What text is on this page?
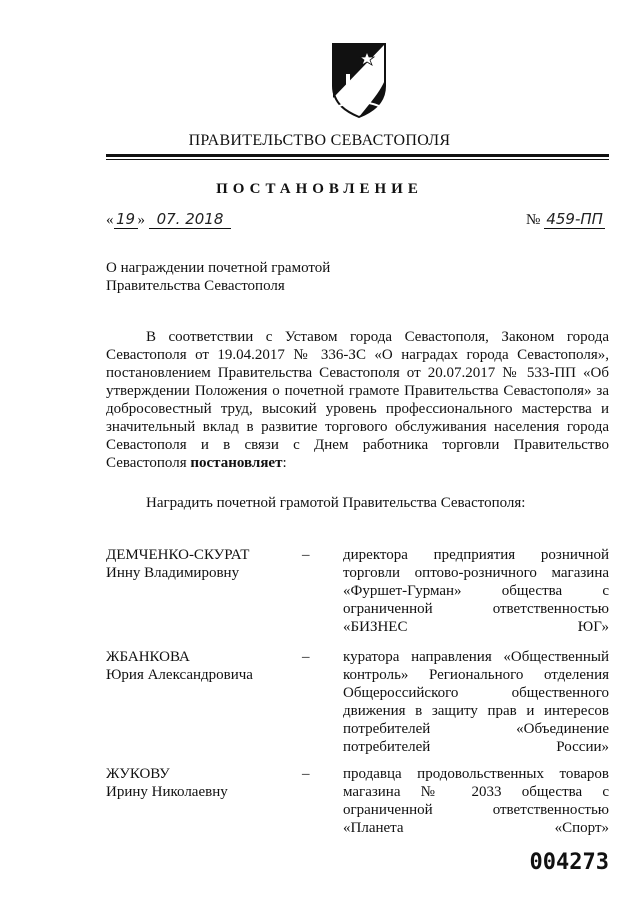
ПРАВИТЕЛЬСТВО СЕВАСТОПОЛЯ
ПОСТАНОВЛЕНИЕ
« 19 » 07. 2018	№ 459-ПП
О награждении почетной грамотой
Правительства Севастополя

В соответствии с Уставом города Севастополя, Законом города Севастополя от 19.04.2017 № 336-ЗС «О наградах города Севастополя», постановлением Правительства Севастополя от 20.07.2017 № 533-ПП «Об утверждении Положения о почетной грамоте Правительства Севастополя» за добросовестный труд, высокий уровень профессионального мастерства и значительный вклад в развитие торгового обслуживания населения города Севастополя и в связи с Днем работника торговли Правительство Севастополя постановляет:

Наградить почетной грамотой Правительства Севастополя:
ДЕМЧЕНКО-СКУРАТ
Инну Владимировну
– директора предприятия розничной торговли оптово-розничного магазина «Фуршет-Гурман» общества с ограниченной ответственностью «БИЗНЕС ЮГ»
ЖБАНКОВА
Юрия Александровича
– куратора направления «Общественный контроль» Регионального отделения Общероссийского общественного движения в защиту прав и интересов потребителей «Объединение потребителей России»
ЖУКОВУ
Ирину Николаевну
– продавца продовольственных товаров магазина № 2033 общества с ограниченной ответственностью «Планета «Спорт»
004273
